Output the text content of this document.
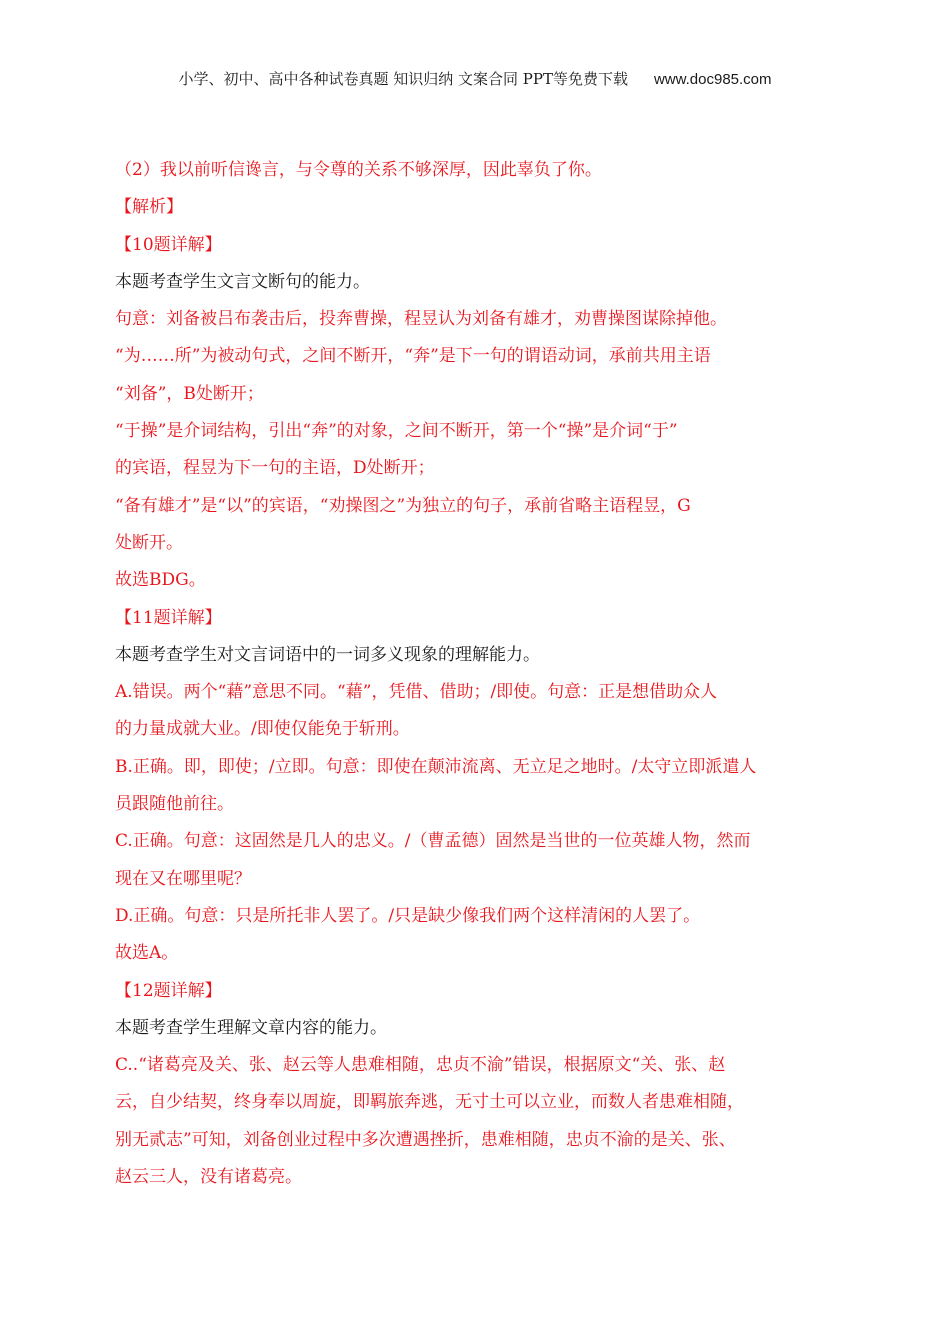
小学、初中、高中各种试卷真题 知识归纳 文案合同 PPT等免费下载 www.doc985.com
（2）我以前听信谗言，与令尊的关系不够深厚，因此辜负了你。
【解析】
【10题详解】
本题考查学生文言文断句的能力。
句意：刘备被吕布袭击后，投奔曹操，程昱认为刘备有雄才，劝曹操图谋除掉他。
“为……所”为被动句式，之间不断开，“奔”是下一句的谓语动词，承前共用主语
“刘备”，B处断开；
“于操”是介词结构，引出“奔”的对象，之间不断开，第一个“操”是介词“于”
的宾语，程昱为下一句的主语，D处断开；
“备有雄才”是“以”的宾语，“劝操图之”为独立的句子，承前省略主语程昱，G
处断开。
故选BDG。
【11题详解】
本题考查学生对文言词语中的一词多义现象的理解能力。
A.错误。两个“藉”意思不同。“藉”，凭借、借助；/即使。句意：正是想借助众人
的力量成就大业。/即使仅能免于斩刑。
B.正确。即，即使；/立即。句意：即使在颠沛流离、无立足之地时。/太守立即派遣人
员跟随他前往。
C.正确。句意：这固然是几人的忠义。/（曹孟德）固然是当世的一位英雄人物，然而
现在又在哪里呢？
D.正确。句意：只是所托非人罢了。/只是缺少像我们两个这样清闲的人罢了。
故选A。
【12题详解】
本题考查学生理解文章内容的能力。
C..“诸葛亮及关、张、赵云等人患难相随，忠贞不渝”错误，根据原文“关、张、赵
云，自少结契，终身奉以周旋，即羁旅奔逃，无寸土可以立业，而数人者患难相随，
别无贰志”可知，刘备创业过程中多次遭遇挫折，患难相随，忠贞不渝的是关、张、
赵云三人，没有诸葛亮。
